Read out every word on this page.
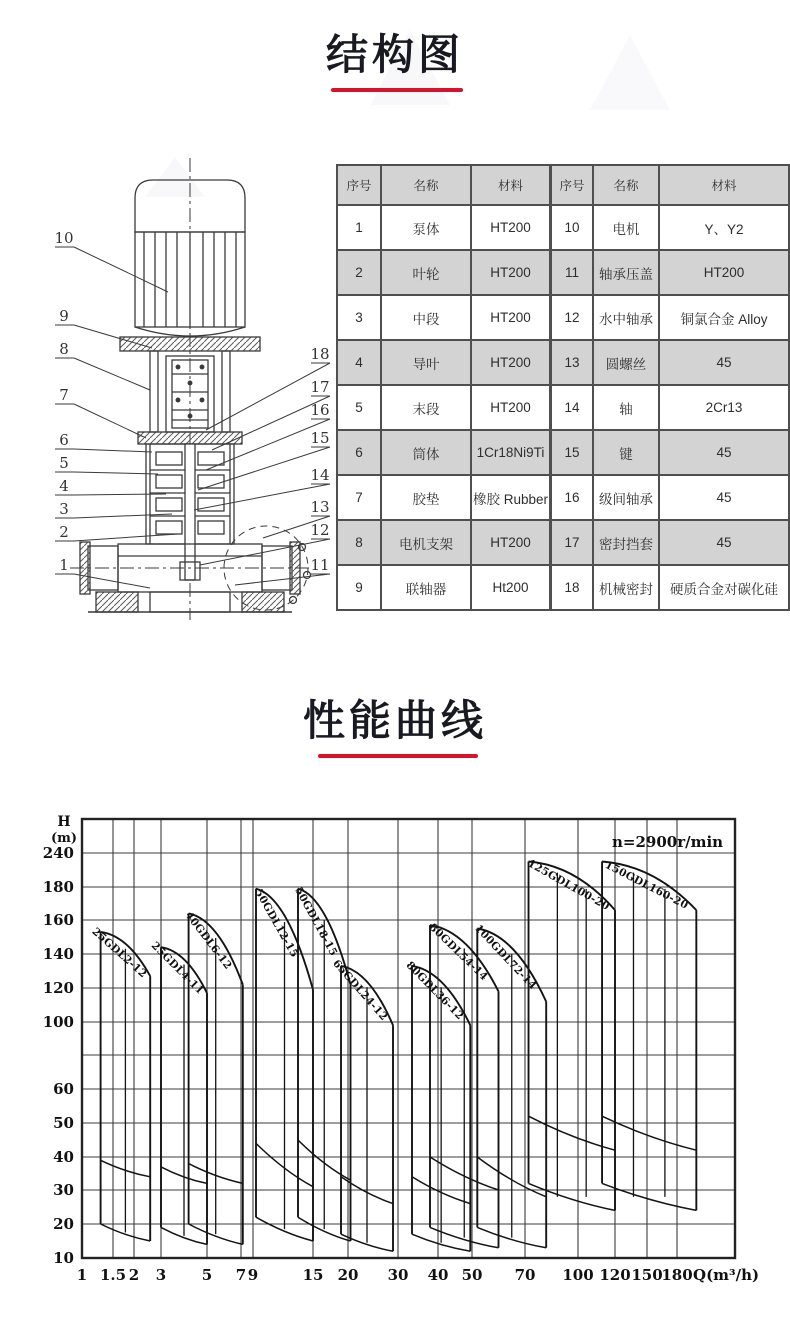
结构图
10
9
8
7
6
5
4
3
2
1
18
17
16
15
14
13
12
11
序号	名称	材料
1	泵体	HT200
2	叶轮	HT200
3	中段	HT200
4	导叶	HT200
5	末段	HT200
6	筒体	1Cr18Ni9Ti
7	胶垫	橡胶 Rubber
8	电机支架	HT200
9	联轴器	Ht200
序号	名称	材料
10	电机	Y、Y2
11	轴承压盖	HT200
12	水中轴承	铜氯合金 Alloy
13	圆螺丝	45
14	轴	2Cr13
15	键	45
16	级间轴承	45
17	密封挡套	45
18	机械密封	硬质合金对碳化硅
性能曲线
10
20
30
40
50
60
100
120
140
160
180
240
1 1.5 2 3 5 7 9	15 20 30 40 50 70 100 120 150
180
H
(m)
Q(m³/h)
n=2900r/min
25GDL2-12 25GDL4-11
40GDL6-12 50GDL12-15
50GDL18-15
65GDL24-12 80GDL36-12
80GDL54-14
100GDL72-14
125GDL100-20
150GDL160-20
